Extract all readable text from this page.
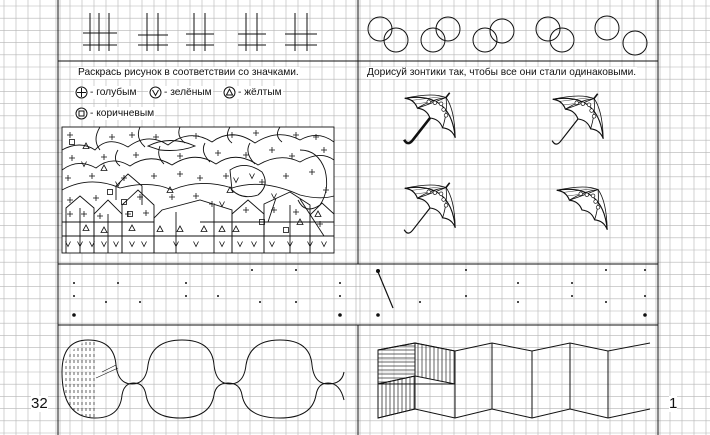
Раскрась рисунок в соответствии со значками.
- голубым	- зелёным	- жёлтым
- коричневым
Дорисуй зонтики так, чтобы все они стали одинаковыми.
32	1
